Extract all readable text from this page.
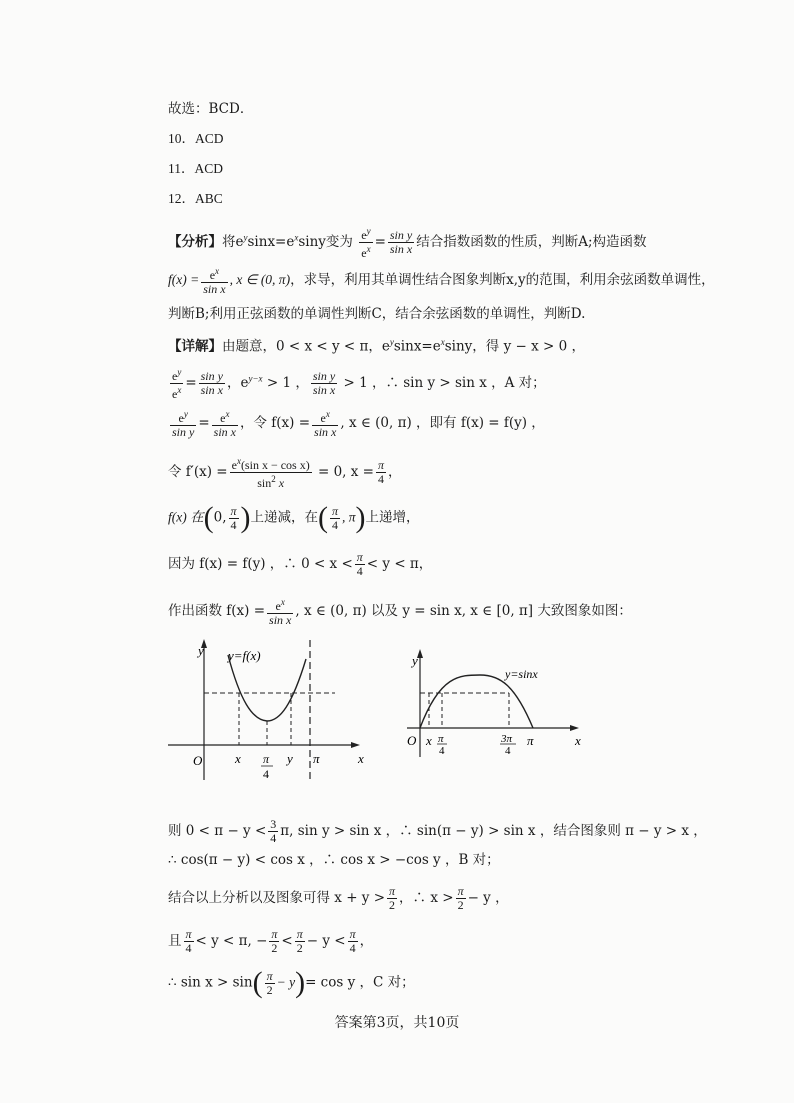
故选：BCD．
10．ACD
11．ACD
12．ABC
【分析】将$e^y\sin x=e^x\sin y$变为 $\frac{e^y}{e^x} = \frac{\text{sin y}}{\text{sin x}}$ 结合指数函数的性质，判断A;构造函数
$f(x) = \frac{e^x}{\text{sin x}}$ , x ∈ (0, π)，求导，利用其单调性结合图象判断x,y的范围，利用余弦函数单调性，
判断B;利用正弦函数的单调性判断C，结合余弦函数的单调性，判断D.
【详解】由题意，0 < x < y < π，$e^y\sin x=e^x\sin y$，得 y − x > 0 ，
$\frac{e^y}{e^x} = \frac{\text{sin y}}{\text{sin x}}$ ，$e^{y-x} > 1$ ， $\frac{\text{sin y}}{\text{sin x}} > 1$ ，∴ sin y > sin x ，A 对；
$\frac{e^y}{\text{sin y}} = \frac{e^x}{\text{sin x}}$ ，令 $f(x) = \frac{e^x}{\text{sin x}}$ , x ∈ (0, π) ，即有 f(x) = f(y) ，
令 $f'(x) = \frac{e^x(\sin x - \cos x)}{\sin^2 x} = 0$, $x = \frac{\pi}{4}$ ，
f(x) 在(0, $\frac{\pi}{4}$ )上递减，在( $\frac{\pi}{4}$ , π)上递增，
因为 f(x) = f(y) ，∴ $0 < x < \frac{\pi}{4} < y < \pi$，
作出函数 $f(x) = \frac{e^x}{\text{sin x}}$ , x ∈ (0, π) 以及 y = sin x, x ∈ [0, π] 大致图象如图：
y y=f(x)
O	x
x π
4
y π
y
y=sinx
O x π
4
3π
4
π	x
则 $0 < \pi - y < \frac{3}{4} \pi$, sin y > sin x ，∴ sin(π − y) > sin x ，结合图象则 π − y > x ，
∴ cos(π − y) < cos x ，∴ cos x > −cos y ，B 对；
结合以上分析以及图象可得 $x + y > \frac{\pi}{2}$ ，∴ $x > \frac{\pi}{2} - y$ ，
且 $\frac{\pi}{4} < y < \pi$, − $\frac{\pi}{2} < \frac{\pi}{2} - y < \frac{\pi}{4}$ ，
∴ $\sin x > \sin( \frac{\pi}{2} - y)= \cos y$ ，C 对；
答案第3页，共10页
